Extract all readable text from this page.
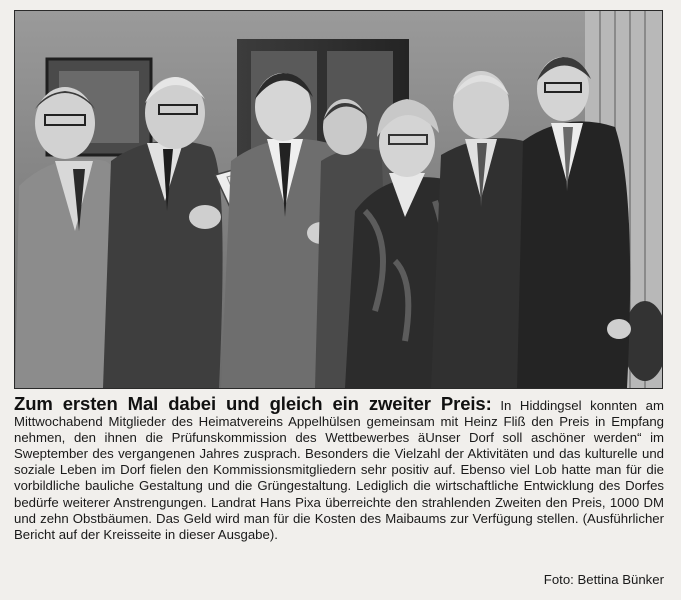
Zum ersten Mal dabei und gleich ein zweiter Preis: In Hiddingsel konnten am Mittwochabend Mitglieder des Heimatvereins Appelhülsen gemeinsam mit Heinz Fliß den Preis in Empfang nehmen, den ihnen die Prüfunskommission des Wettbewerbes äUnser Dorf soll aschöner werden“ im Sweptember des vergangenen Jahres zusprach. Besonders die Vielzahl der Aktivitäten und das kulturelle und soziale Leben im Dorf fielen den Kommissionsmitgliedern sehr positiv auf. Ebenso viel Lob hatte man für die vorbildliche bauliche Gestaltung und die Grüngestaltung. Lediglich die wirtschaftliche Entwicklung des Dorfes bedürfe weiterer Anstrengungen. Landrat Hans Pixa überreichte den strahlenden Zweiten den Preis, 1000 DM und zehn Obstbäumen. Das Geld wird man für die Kosten des Maibaums zur Verfügung stellen. (Ausführlicher Bericht auf der Kreisseite in dieser Ausgabe).
Foto: Bettina Bünker
